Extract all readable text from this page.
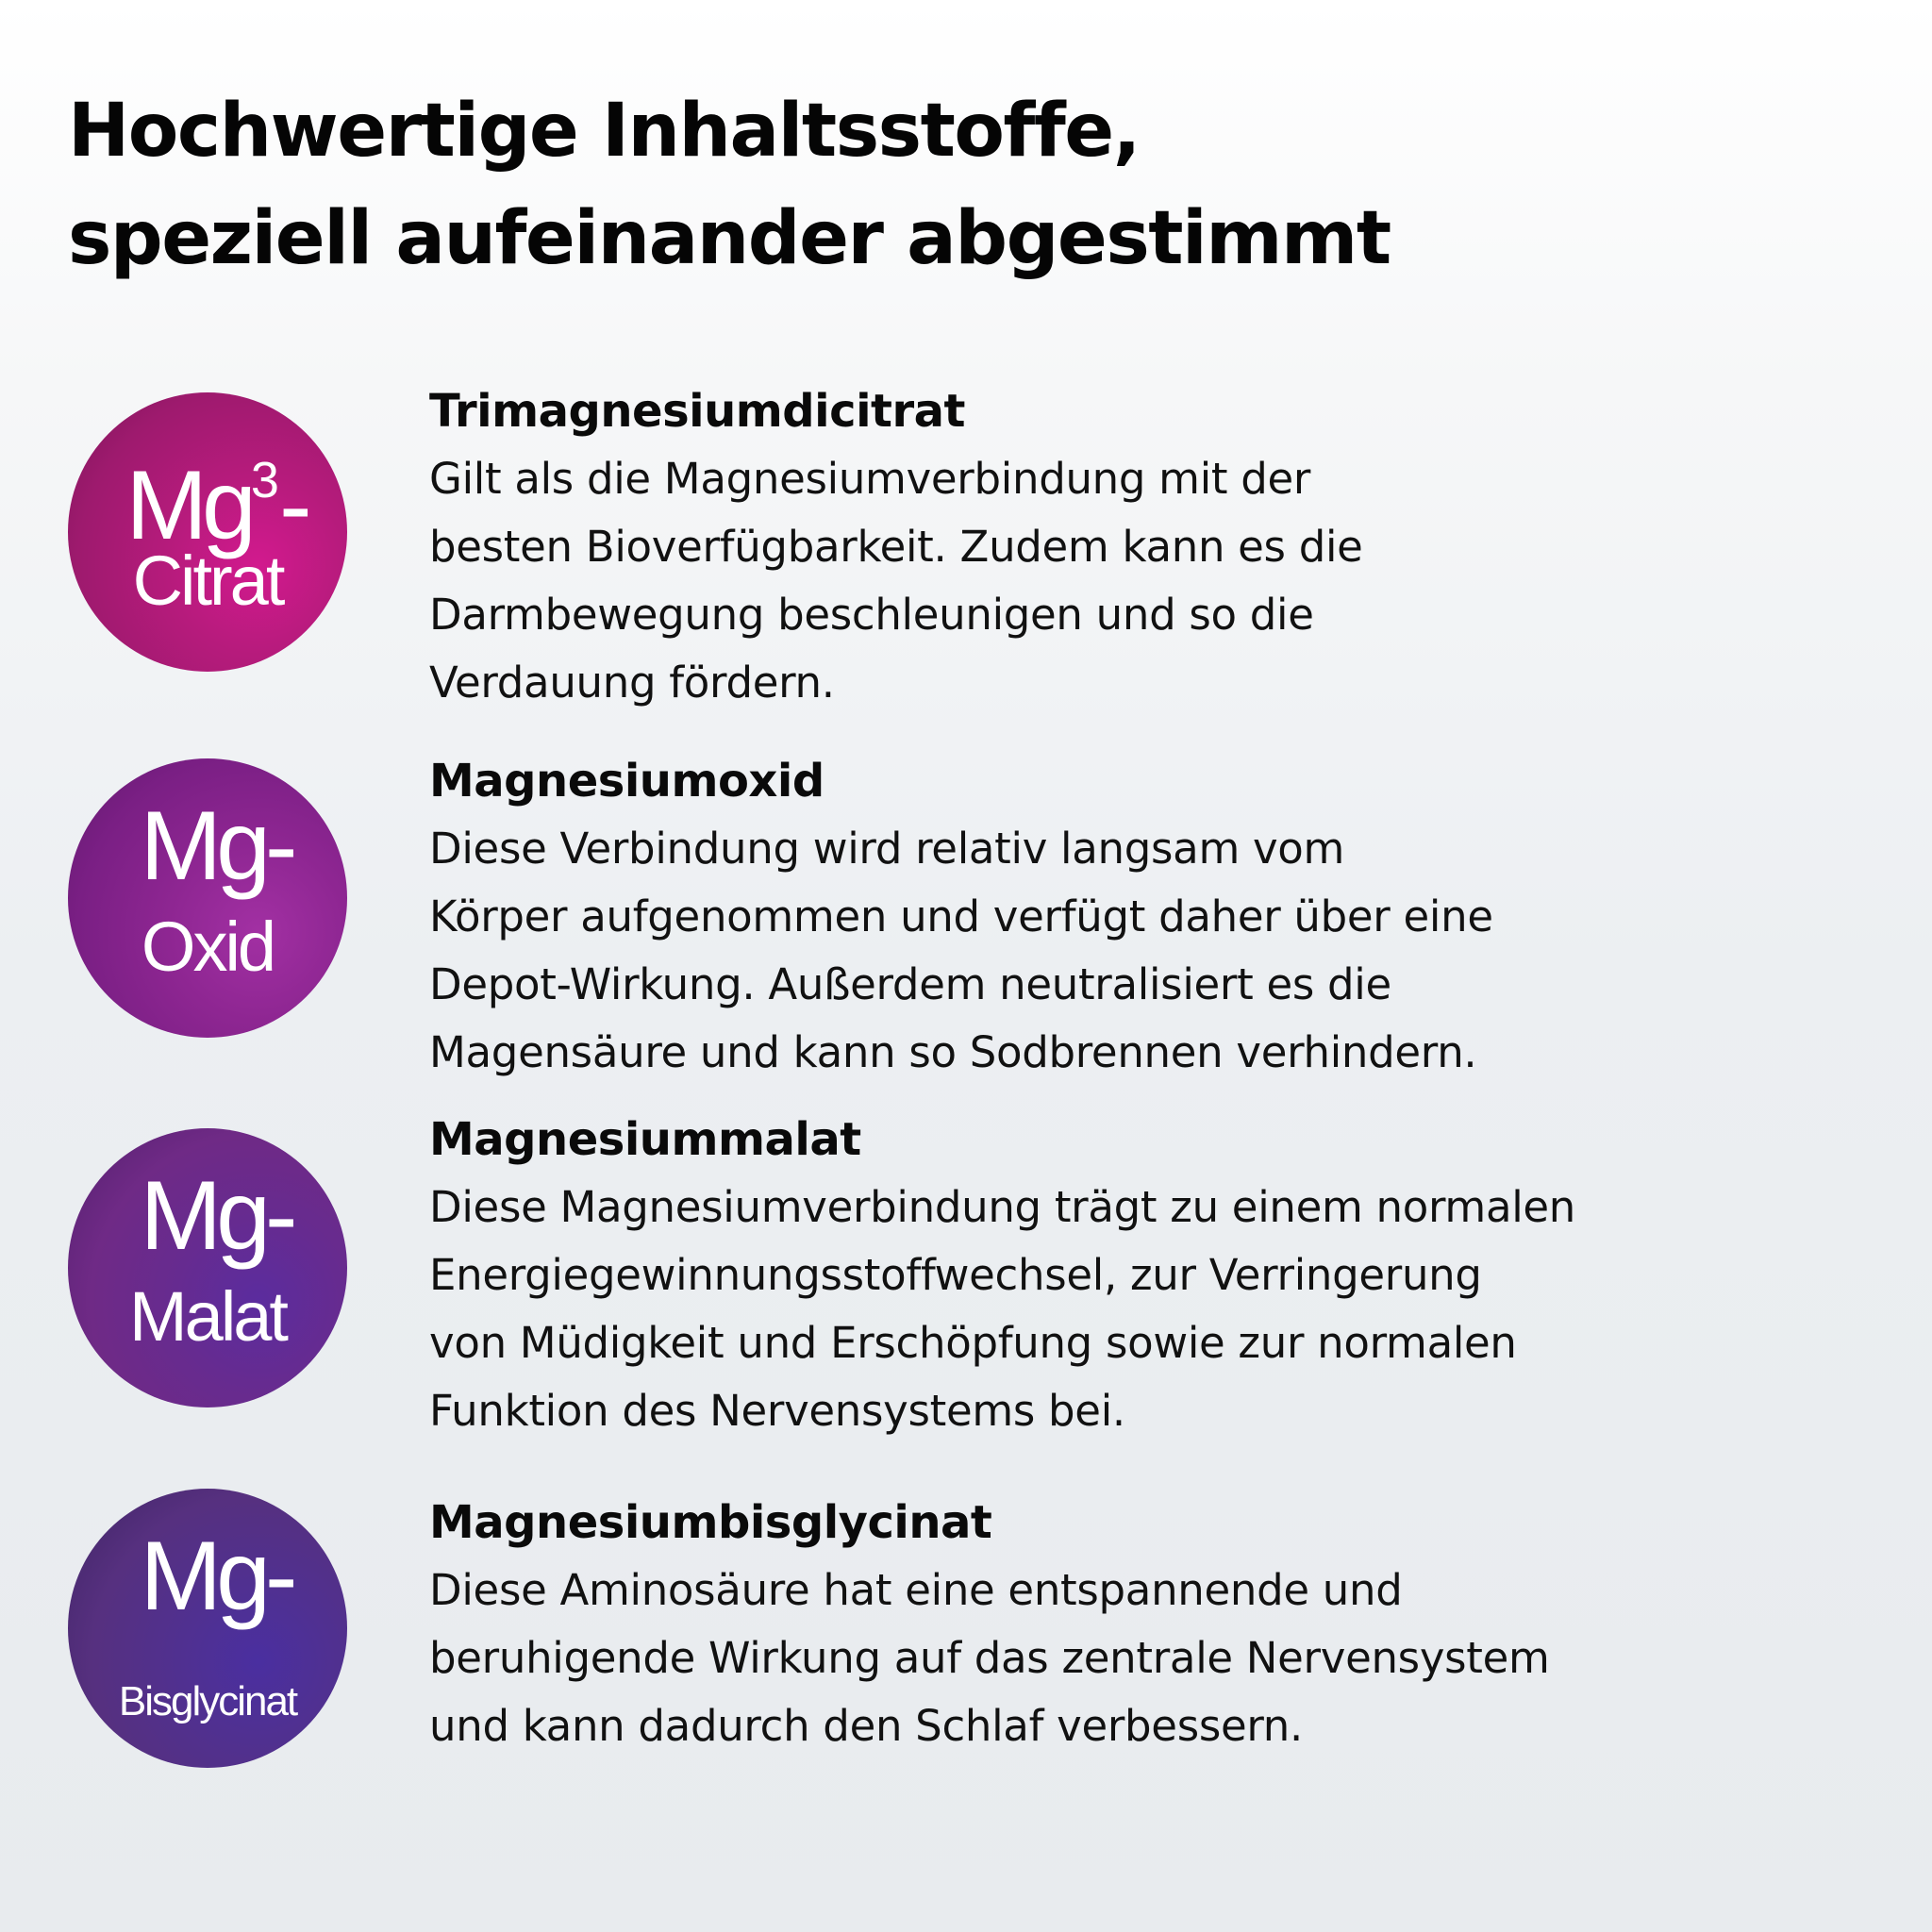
Hochwertige Inhaltsstoffe,
speziell aufeinander abgestimmt
Mg$^3$-
Citrat
Trimagnesiumdicitrat

Gilt als die Magnesiumverbindung mit der
besten Bioverfügbarkeit. Zudem kann es die
Darmbewegung beschleunigen und so die
Verdauung fördern.

Mg-
Oxid
Magnesiumoxid

Diese Verbindung wird relativ langsam vom
Körper aufgenommen und verfügt daher über eine
Depot-Wirkung. Außerdem neutralisiert es die
Magensäure und kann so Sodbrennen verhindern.

Mg-
Malat
Magnesiummalat

Diese Magnesiumverbindung trägt zu einem normalen
Energiegewinnungsstoffwechsel, zur Verringerung
von Müdigkeit und Erschöpfung sowie zur normalen
Funktion des Nervensystems bei.

Mg-
Bisglycinat
Magnesiumbisglycinat

Diese Aminosäure hat eine entspannende und
beruhigende Wirkung auf das zentrale Nervensystem
und kann dadurch den Schlaf verbessern.
